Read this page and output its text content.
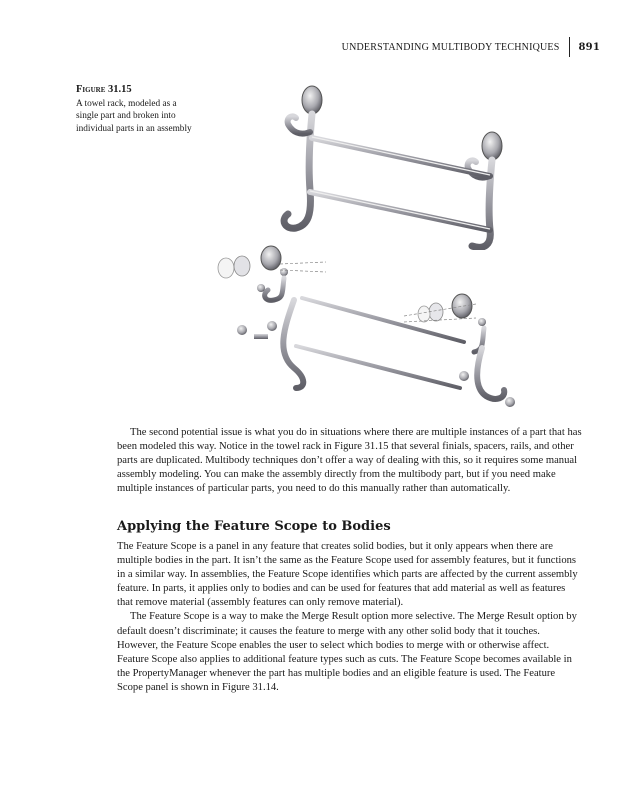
UNDERSTANDING MULTIBODY TECHNIQUES 891
Figure 31.15
A towel rack, modeled as a single part and broken into individual parts in an assembly

The second potential issue is what you do in situations where there are multiple instances of a part that has been modeled this way. Notice in the towel rack in Figure 31.15 that several finials, spacers, rails, and other parts are duplicated. Multibody techniques don’t offer a way of dealing with this, so it requires some manual assembly modeling. You can make the assembly directly from the multibody part, but if you need make multiple instances of particular parts, you need to do this manually rather than automatically.

Applying the Feature Scope to Bodies

The Feature Scope is a panel in any feature that creates solid bodies, but it only appears when there are multiple bodies in the part. It isn’t the same as the Feature Scope used for assembly features, but it functions in a similar way. In assemblies, the Feature Scope identifies which parts are affected by the current assembly feature. In parts, it applies only to bodies and can be used for features that add material as well as features that remove material (assembly features can only remove material).

The Feature Scope is a way to make the Merge Result option more selective. The Merge Result option by default doesn’t discriminate; it causes the feature to merge with any other solid body that it touches. However, the Feature Scope enables the user to select which bodies to merge with or otherwise affect. Feature Scope also applies to additional feature types such as cuts. The Feature Scope becomes available in the PropertyManager whenever the part has multiple bodies and an eligible feature is used. The Feature Scope panel is shown in Figure 31.14.
